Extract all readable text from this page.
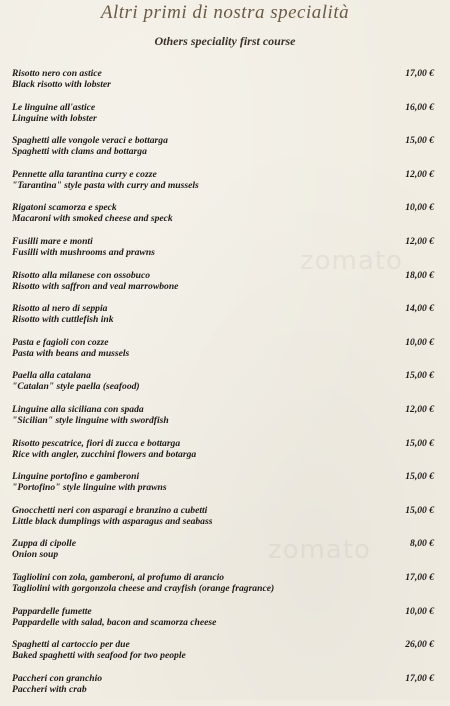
Altri primi di nostra specialità
Others speciality first course
zomato
zomato
Risotto nero con astice
Black risotto with lobster
17,00 €
Le linguine all'astice
Linguine with lobster
16,00 €
Spaghetti alle vongole veraci e bottarga
Spaghetti with clams and bottarga
15,00 €
Pennette alla tarantina curry e cozze
"Tarantina" style pasta with curry and mussels
12,00 €
Rigatoni scamorza e speck
Macaroni with smoked cheese and speck
10,00 €
Fusilli mare e monti
Fusilli with mushrooms and prawns
12,00 €
Risotto alla milanese con ossobuco
Risotto with saffron and veal marrowbone
18,00 €
Risotto al nero di seppia
Risotto with cuttlefish ink
14,00 €
Pasta e fagioli con cozze
Pasta with beans and mussels
10,00 €
Paella alla catalana
"Catalan" style paella (seafood)
15,00 €
Linguine alla siciliana con spada
"Sicilian" style linguine with swordfish
12,00 €
Risotto pescatrice, fiori di zucca e bottarga
Rice with angler, zucchini flowers and botarga
15,00 €
Linguine portofino e gamberoni
"Portofino" style linguine with prawns
15,00 €
Gnocchetti neri con asparagi e branzino a cubetti
Little black dumplings with asparagus and seabass
15,00 €
Zuppa di cipolle
Onion soup
8,00 €
Tagliolini con zola, gamberoni, al profumo di arancio
Tagliolini with gorgonzola cheese and crayfish (orange fragrance)
17,00 €
Pappardelle fumette
Pappardelle with salad, bacon and scamorza cheese
10,00 €
Spaghetti al cartoccio per due
Baked spaghetti with seafood for two people
26,00 €
Paccheri con granchio
Paccheri with crab
17,00 €
